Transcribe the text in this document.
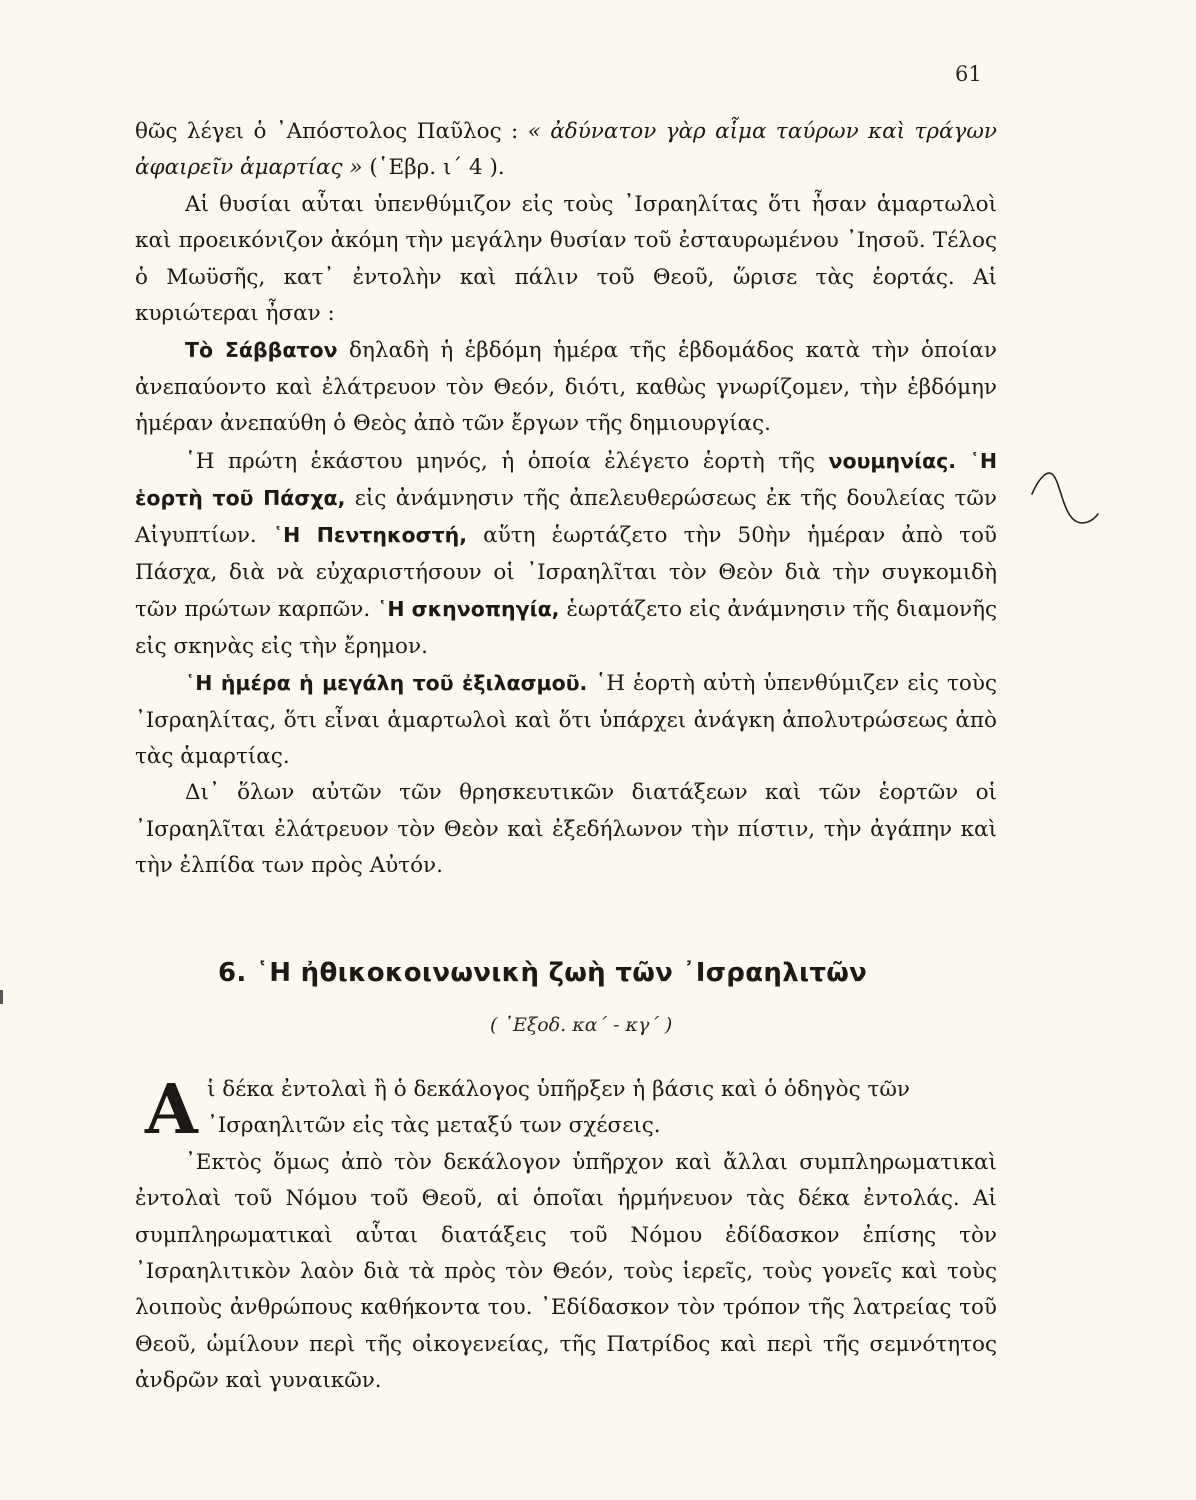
61

θῶς λέγει ὁ ᾿Απόστολος Παῦλος : « ἀδύνατον γὰρ αἷμα ταύρων καὶ τράγων ἀφαιρεῖν ἁμαρτίας » (῾Εβρ. ι΄ 4 ).

Αἱ θυσίαι αὗται ὑπενθύμιζον εἰς τοὺς ᾿Ισραηλίτας ὅτι ἦσαν ἁμαρτωλοὶ καὶ προεικόνιζον ἀκόμη τὴν μεγάλην θυσίαν τοῦ ἐσταυρωμένου ᾿Ιησοῦ. Τέλος ὁ Μωϋσῆς, κατ᾿ ἐντολὴν καὶ πάλιν τοῦ Θεοῦ, ὥρισε τὰς ἑορτάς. Αἱ κυριώτεραι ἦσαν :

Τὸ Σάββατον δηλαδὴ ἡ ἑβδόμη ἡμέρα τῆς ἑβδομάδος κατὰ τὴν ὁποίαν ἀνεπαύοντο καὶ ἐλάτρευον τὸν Θεόν, διότι, καθὼς γνωρίζομεν, τὴν ἑβδόμην ἡμέραν ἀνεπαύθη ὁ Θεὸς ἀπὸ τῶν ἔργων τῆς δημιουργίας.

῾Η πρώτη ἑκάστου μηνός, ἡ ὁποία ἐλέγετο ἑορτὴ τῆς νουμηνίας. ῾Η ἑορτὴ τοῦ Πάσχα, εἰς ἀνάμνησιν τῆς ἀπελευθερώσεως ἐκ τῆς δουλείας τῶν Αἰγυπτίων. ῾Η Πεντηκοστή, αὕτη ἑωρτάζετο τὴν 50ὴν ἡμέραν ἀπὸ τοῦ Πάσχα, διὰ νὰ εὐχαριστήσουν οἱ ᾿Ισραηλῖται τὸν Θεὸν διὰ τὴν συγκομιδὴ τῶν πρώτων καρπῶν. ῾Η σκηνοπηγία, ἑωρτάζετο εἰς ἀνάμνησιν τῆς διαμονῆς εἰς σκηνὰς εἰς τὴν ἔρημον.

῾Η ἡμέρα ἡ μεγάλη τοῦ ἐξιλασμοῦ. ῾Η ἑορτὴ αὐτὴ ὑπενθύμιζεν εἰς τοὺς ᾿Ισραηλίτας, ὅτι εἶναι ἁμαρτωλοὶ καὶ ὅτι ὑπάρχει ἀνάγκη ἀπολυτρώσεως ἀπὸ τὰς ἁμαρτίας.

Δι᾿ ὅλων αὐτῶν τῶν θρησκευτικῶν διατάξεων καὶ τῶν ἑορτῶν οἱ ᾿Ισραηλῖται ἐλάτρευον τὸν Θεὸν καὶ ἐξεδήλωνον τὴν πίστιν, τὴν ἀγάπην καὶ τὴν ἐλπίδα των πρὸς Αὐτόν.

6. ῾Η ἠθικοκοινωνικὴ ζωὴ τῶν ᾿Ισραηλιτῶν
( ᾿Εξοδ. κα΄ - κγ΄ )
Α ἱ δέκα ἐντολαὶ ἢ ὁ δεκάλογος ὑπῆρξεν ἡ βάσις καὶ ὁ ὁδηγὸς τῶν

᾿Ισραηλιτῶν εἰς τὰς μεταξύ των σχέσεις.

᾿Εκτὸς ὅμως ἀπὸ τὸν δεκάλογον ὑπῆρχον καὶ ἄλλαι συμπληρωματικαὶ ἐντολαὶ τοῦ Νόμου τοῦ Θεοῦ, αἱ ὁποῖαι ἡρμήνευον τὰς δέκα ἐντολάς. Αἱ συμπληρωματικαὶ αὗται διατάξεις τοῦ Νόμου ἐδίδασκον ἐπίσης τὸν ᾿Ισραηλιτικὸν λαὸν διὰ τὰ πρὸς τὸν Θεόν, τοὺς ἱερεῖς, τοὺς γονεῖς καὶ τοὺς λοιποὺς ἀνθρώπους καθήκοντα του. ᾿Εδίδασκον τὸν τρόπον τῆς λατρείας τοῦ Θεοῦ, ὡμίλουν περὶ τῆς οἰκογενείας, τῆς Πατρίδος καὶ περὶ τῆς σεμνότητος ἀνδρῶν καὶ γυναικῶν.
